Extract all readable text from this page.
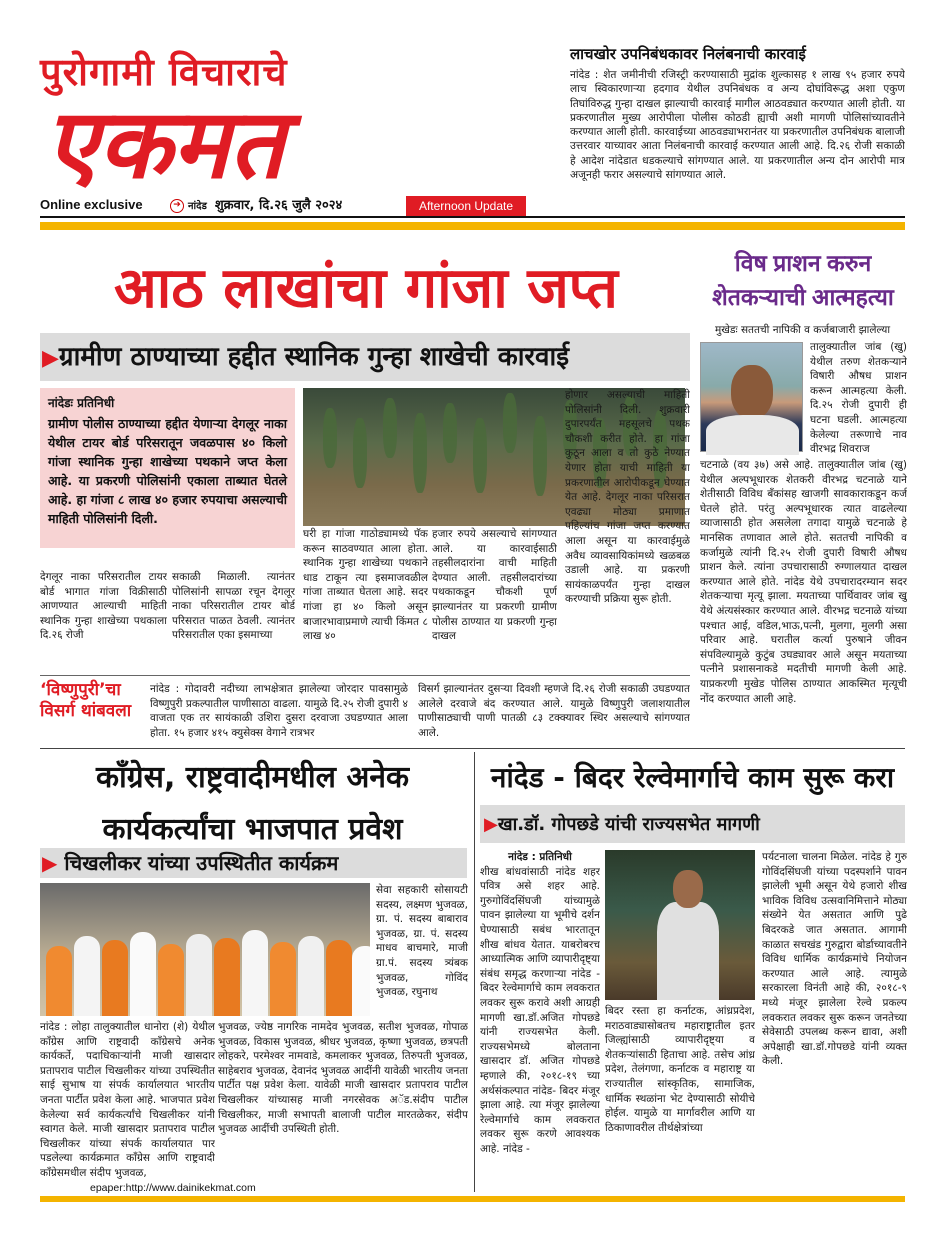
पुरोगामी विचाराचे
एकमत
Online exclusive	➔ नांदेड शुक्रवार, दि.२६ जुलै २०२४	Afternoon Update
लाचखोर उपनिबंधकावर निलंबनाची कारवाई
नांदेड : शेत जमीनीची रजिस्ट्री करण्यासाठी मुद्रांक शुल्कासह १ लाख ९५ हजार रुपये लाच स्विकारणाऱ्या हदगाव येथील उपनिबंधक व अन्य दोघांविरूद्ध अशा एकुण तिघांविरुद्ध गुन्हा दाखल झाल्याची कारवाई मागील आठवड्यात करण्यात आली होती. या प्रकरणातील मुख्य आरोपीला पोलीस कोठडी ह्याची अशी मागणी पोलिसांच्यावतीने करण्यात आली होती. कारवाईच्या आठवड्याभरानंतर या प्रकरणातील उपनिबंधक बालाजी उत्तरवार याच्यावर आता निलंबनाची कारवाई करण्यात आली आहे. दि.२६ रोजी सकाळी हे आदेश नांदेडात धडकल्याचे सांगण्यात आले. या प्रकरणातील अन्य दोन आरोपी मात्र अजूनही फरार असल्याचे सांगण्यात आले.
आठ लाखांचा गांजा जप्त
▶ग्रामीण ठाण्याच्या हद्दीत स्थानिक गुन्हा शाखेची कारवाई
नांदेडः प्रतिनिधी
ग्रामीण पोलीस ठाण्याच्या हद्दीत येणाऱ्या देगलूर नाका येथील टायर बोर्ड परिसरातून जवळपास ४० किलो गांजा स्थानिक गुन्हा शाखेच्या पथकाने जप्त केला आहे. या प्रकरणी पोलिसांनी एकाला ताब्यात घेतले आहे. हा गांजा ८ लाख ४० हजार रुपयाचा असल्याची माहिती पोलिसांनी दिली.
देगलूर नाका परिसरातील टायर बोर्ड भागात गांजा विक्रीसाठी आणण्यात आल्याची माहिती स्थानिक गुन्हा शाखेच्या पथकाला दि.२६ रोजी
सकाळी मिळाली. त्यानंतर पोलिसांनी सापळा रचून देगलूर नाका परिसरातील टायर बोर्ड परिसरात पाळत ठेवली. त्यानंतर परिसरातील एका इसमाच्या
घरी हा गांजा गाठोड्यामध्ये पॅक करून साठवण्यात आला होता. स्थानिक गुन्हा शाखेच्या पथकाने धाड टाकून त्या इसमाजवळील गांजा ताब्यात घेतला आहे. सदर गांजा हा ४० किलो असून बाजारभावाप्रमाणे त्याची किंमत ८ लाख ४०
हजार रुपये असल्याचे सांगण्यात आले. या कारवाईसाठी तहसीलदारांना वाची माहिती देण्यात आली. तहसीलदारांच्या पथकाकडून चौकशी पूर्ण झाल्यानंतर या प्रकरणी ग्रामीण पोलीस ठाण्यात या प्रकरणी गुन्हा दाखल
होणार असल्याची माहिती पोलिसांनी दिली. शुक्रवारी दुपारपर्यंत महसूलचे पथक चौकशी करीत होते. हा गांजा कुठून आला व तो कुठे नेण्यात येणार होता याची माहिती या प्रकरणातील आरोपीकडून घेण्यात येत आहे. देगलूर नाका परिसरात एवढ्या मोठ्या प्रमाणात पहिल्यांच गांजा जप्त करण्यात आला असून या कारवाईमुळे अवैध व्यावसायिकांमध्ये खळबळ उडाली आहे. या प्रकरणी सायंकाळपर्यंत गुन्हा दाखल करण्याची प्रक्रिया सुरू होती.
‘विष्णुपुरी’चा विसर्ग थांबवला
नांदेड : गोदावरी नदीच्या लाभक्षेत्रात झालेल्या जोरदार पावसामुळे विष्णुपुरी प्रकल्पातील पाणीसाठा वाढला. यामुळे दि.२५ रोजी दुपारी ४ वाजता एक तर सायंकाळी उशिरा दुसरा दरवाजा उघडण्यात आला होता. १५ हजार ४१५ क्युसेक्स वेगाने रात्रभर
विसर्ग झाल्यानंतर दुसऱ्या दिवशी म्हणजे दि.२६ रोजी सकाळी उघडण्यात आलेले दरवाजे बंद करण्यात आले. यामुळे विष्णुपुरी जलाशयातील पाणीसाठ्याची पाणी पातळी ८३ टक्क्यावर स्थिर असल्याचे सांगण्यात आले.
विष प्राशन करुन शेतकऱ्याची आत्महत्या
मुखेडः सततची नापिकी व कर्जबाजारी झालेल्या
तालुक्यातील जांब (खु) येथील तरुण शेतकऱ्याने विषारी औषध प्राशन करून आत्महत्या केली. दि.२५ रोजी दुपारी ही घटना घडली. आत्महत्या केलेल्या तरूणाचे नाव वीरभद्र शिवराज
चटनाळे (वय ३७) असे आहे. तालुक्यातील जांब (खु) येथील अल्पभूधारक शेतकरी वीरभद्र चटनाळे याने शेतीसाठी विविध बँकांसह खाजगी सावकाराकडून कर्ज घेतले होते. परंतु अल्पभूधारक त्यात वाढलेल्या व्याजासाठी होत असलेला तगादा यामुळे चटनाळे हे मानसिक तणावात आले होते. सततची नापिकी व कर्जामुळे त्यांनी दि.२५ रोजी दुपारी विषारी औषध प्राशन केले. त्यांना उपचारासाठी रुग्णालयात दाखल करण्यात आले होते. नांदेड येथे उपचारादरम्यान सदर शेतकऱ्याचा मृत्यू झाला. मयताच्या पार्थिवावर जांब खु येथे अंत्यसंस्कार करण्यात आले. वीरभद्र चटनाळे यांच्या पश्चात आई, वडिल,भाऊ,पत्नी, मुलगा, मुलगी असा परिवार आहे. घरातील कर्त्या पुरुषाने जीवन संपविल्यामुळे कुटुंब उघड्यावर आले असून मयताच्या पत्नीने प्रशासनाकडे मदतीची मागणी केली आहे. याप्रकरणी मुखेड पोलिस ठाण्यात आकस्मित मृत्यूची नोंद करण्यात आली आहे.
कॉंग्रेस, राष्ट्रवादीमधील अनेक कार्यकर्त्यांचा भाजपात प्रवेश
▶ चिखलीकर यांच्या उपस्थितीत कार्यक्रम
सेवा सहकारी सोसायटी सदस्य, लक्ष्मण भुजवळ, ग्रा. पं. सदस्य बाबाराव भुजवळ, ग्रा. पं. सदस्य माधव बाचमारे, माजी ग्रा.पं. सदस्य त्र्यंबक भुजवळ, गोविंद भुजवळ, रघुनाथ
नांदेड : लोहा तालुक्यातील धानोरा (शे) येथील कॉंग्रेस आणि राष्ट्रवादी कॉंग्रेसचे अनेक कार्यकर्ते, पदाधिकाऱ्यांनी माजी खासदार प्रतापराव पाटील चिखलीकर यांच्या उपस्थितीत साई सुभाष या संपर्क कार्यालयात भारतीय जनता पार्टीत प्रवेश केला आहे. भाजपात प्रवेश केलेल्या सर्व कार्यकर्त्यांचे चिखलीकर यांनी स्वागत केले. माजी खासदार प्रतापराव पाटील चिखलीकर यांच्या संपर्क कार्यालयात पार पडलेल्या कार्यक्रमात कॉंग्रेस आणि राष्ट्रवादी कॉंग्रेसमधील संदीप भुजवळ,
भुजवळ, ज्येष्ठ नागरिक नामदेव भुजवळ, सतीश भुजवळ, गोपाळ भुजवळ, विकास भुजवळ, श्रीधर भुजवळ, कृष्णा भुजवळ, छत्रपती लोहकरे, परमेश्वर नामवाडे, कमलाकर भुजवळ, तिरुपती भुजवळ, साहेबराव भुजवळ, देवानंद भुजवळ आदींनी यावेळी भारतीय जनता पार्टीत पक्ष प्रवेश केला. यावेळी माजी खासदार प्रतापराव पाटील चिखलीकर यांच्यासह माजी नगरसेवक अॅड.संदीप पाटील चिखलीकर, माजी सभापती बालाजी पाटील मारतळेकर, संदीप भुजवळ आदींची उपस्थिती होती.
epaper:http://www.dainikekmat.com
नांदेड - बिदर रेल्वेमार्गाचे काम सुरू करा
▶खा.डॉ. गोपछडे यांची राज्यसभेत मागणी
नांदेड : प्रतिनिधी
शीख बांधवांसाठी नांदेड शहर पवित्र असे शहर आहे. गुरुगोविंदसिंघजी यांच्यामुळे पावन झालेल्या या भूमीचे दर्शन घेण्यासाठी सबंध भारतातून शीख बांधव येतात. याबरोबरच आध्यात्मिक आणि व्यापारीदृष्ट्या संबंध समृद्ध करणाऱ्या नांदेड - बिदर रेल्वेमार्गाचे काम लवकरात लवकर सुरू करावे अशी आग्रही मागणी खा.डॉ.अजित गोपछडे यांनी राज्यसभेत केली. राज्यसभेमध्ये बोलताना खासदार डॉ. अजित गोपछडे म्हणाले की, २०१८-१९ च्या अर्थसंकल्पात नांदेड- बिदर मंजूर झाला आहे. त्या मंजूर झालेल्या रेल्वेमार्गाचे काम लवकरात लवकर सुरू करणे आवश्यक आहे. नांदेड -
बिदर रस्ता हा कर्नाटक, आंध्रप्रदेश, मराठवाड्यासोबतच महाराष्ट्रातील इतर जिल्ह्यांसाठी व्यापारीदृष्ट्या व शेतकऱ्यांसाठी हिताचा आहे. तसेच आंध्र प्रदेश, तेलंगणा, कर्नाटक व महाराष्ट्र या राज्यातील सांस्कृतिक, सामाजिक, धार्मिक स्थळांना भेट देण्यासाठी सोयीचे होईल. यामुळे या मार्गावरील आणि या ठिकाणावरील तीर्थक्षेत्रांच्या
पर्यटनाला चालना मिळेल. नांदेड हे गुरु गोविंदसिंघजी यांच्या पदस्पर्शाने पावन झालेली भूमी असून येथे हजारो शीख भाविक विविध उत्सवानिमित्ताने मोठ्या संख्येने येत असतात आणि पुढे बिदरकडे जात असतात. आगामी काळात सचखंड गुरुद्वारा बोर्डाच्यावतीने विविध धार्मिक कार्यक्रमांचे नियोजन करण्यात आले आहे. त्यामुळे सरकारला विनंती आहे की, २०१८-९ मध्ये मंजूर झालेला रेल्वे प्रकल्प लवकरात लवकर सुरू करून जनतेच्या सेवेसाठी उपलब्ध करून द्यावा, अशी अपेक्षाही खा.डॉ.गोपछडे यांनी व्यक्त केली.
